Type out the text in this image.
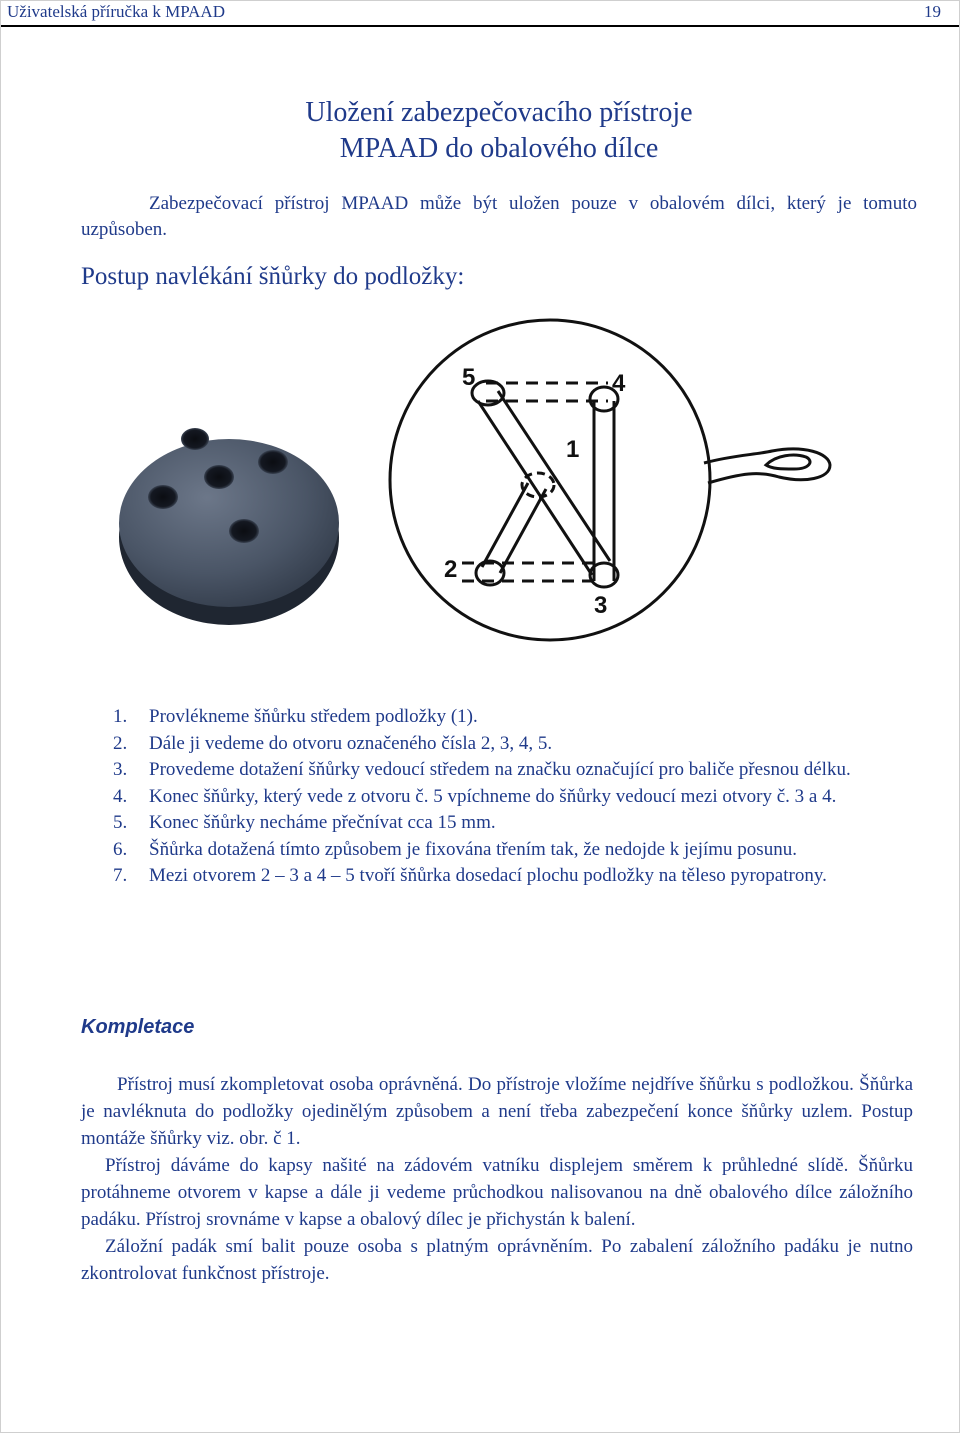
Uživatelská příručka k MPAAD	19
Uložení zabezpečovacího přístroje
MPAAD do obalového dílce

Zabezpečovací přístroj MPAAD může být uložen pouze v obalovém dílci, který je tomuto uzpůsoben.

Postup navlékání šňůrky do podložky:
5	4
1
2
3
1. Provlékneme šňůrku středem podložky (1).
2. Dále ji vedeme do otvoru označeného čísla 2, 3, 4, 5.
3. Provedeme dotažení šňůrky vedoucí středem na značku označující pro baliče přesnou délku.
4. Konec šňůrky, který vede z otvoru č. 5 vpíchneme do šňůrky vedoucí mezi otvory č. 3 a 4.
5. Konec šňůrky necháme přečnívat cca 15 mm.
6. Šňůrka dotažená tímto způsobem je fixována třením tak, že nedojde k jejímu posunu.
7. Mezi otvorem 2 – 3 a 4 – 5 tvoří šňůrka dosedací plochu podložky na těleso pyropatrony.
Kompletace

Přístroj musí zkompletovat osoba oprávněná. Do přístroje vložíme nejdříve šňůrku s podložkou. Šňůrka je navléknuta do podložky ojedinělým způsobem a není třeba zabezpečení konce šňůrky uzlem. Postup montáže šňůrky viz. obr. č 1.

Přístroj dáváme do kapsy našité na zádovém vatníku displejem směrem k průhledné slídě. Šňůrku protáhneme otvorem v kapse a dále ji vedeme průchodkou nalisovanou na dně obalového dílce záložního padáku. Přístroj srovnáme v kapse a obalový dílec je přichystán k balení.

Záložní padák smí balit pouze osoba s platným oprávněním. Po zabalení záložního padáku je nutno zkontrolovat funkčnost přístroje.
